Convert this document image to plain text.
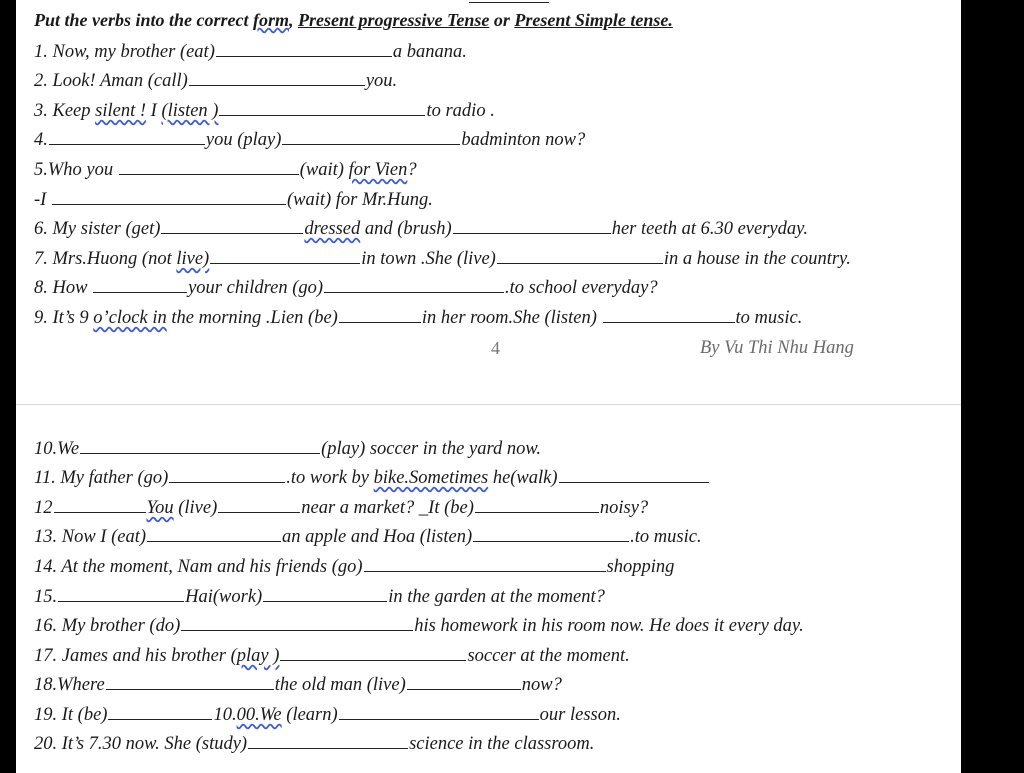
Put the verbs into the correct form, Present progressive Tense or Present Simple tense.
1. Now, my brother (eat)	a banana.
2. Look! Aman (call)	you.
3. Keep silent ! I (listen )	to radio .
4.	you (play)	badminton now?
5.Who you	(wait) for Vien?
-I	(wait) for Mr.Hung.
6. My sister (get)	dressed and (brush)	her teeth at 6.30 everyday.
7. Mrs.Huong (not live)	in town .She (live)	in a house in the country.
8. How	your children (go)	.to school everyday?
9. It’s 9 o’clock in the morning .Lien (be)	in her room.She (listen)	to music.
4	By Vu Thi Nhu Hang
10.We	(play) soccer in the yard now.
11. My father (go)	.to work by bike.Sometimes he(walk)
12	You (live)	near a market? _It (be)	noisy?
13. Now I (eat)	an apple and Hoa (listen)	.to music.
14. At the moment, Nam and his friends (go)	shopping
15.	Hai(work)	in the garden at the moment?
16. My brother (do)	his homework in his room now. He does it every day.
17. James and his brother (play )	soccer at the moment.
18.Where	the old man (live)	now?
19. It (be)	10.00.We (learn)	our lesson.
20. It’s 7.30 now. She (study)	science in the classroom.
